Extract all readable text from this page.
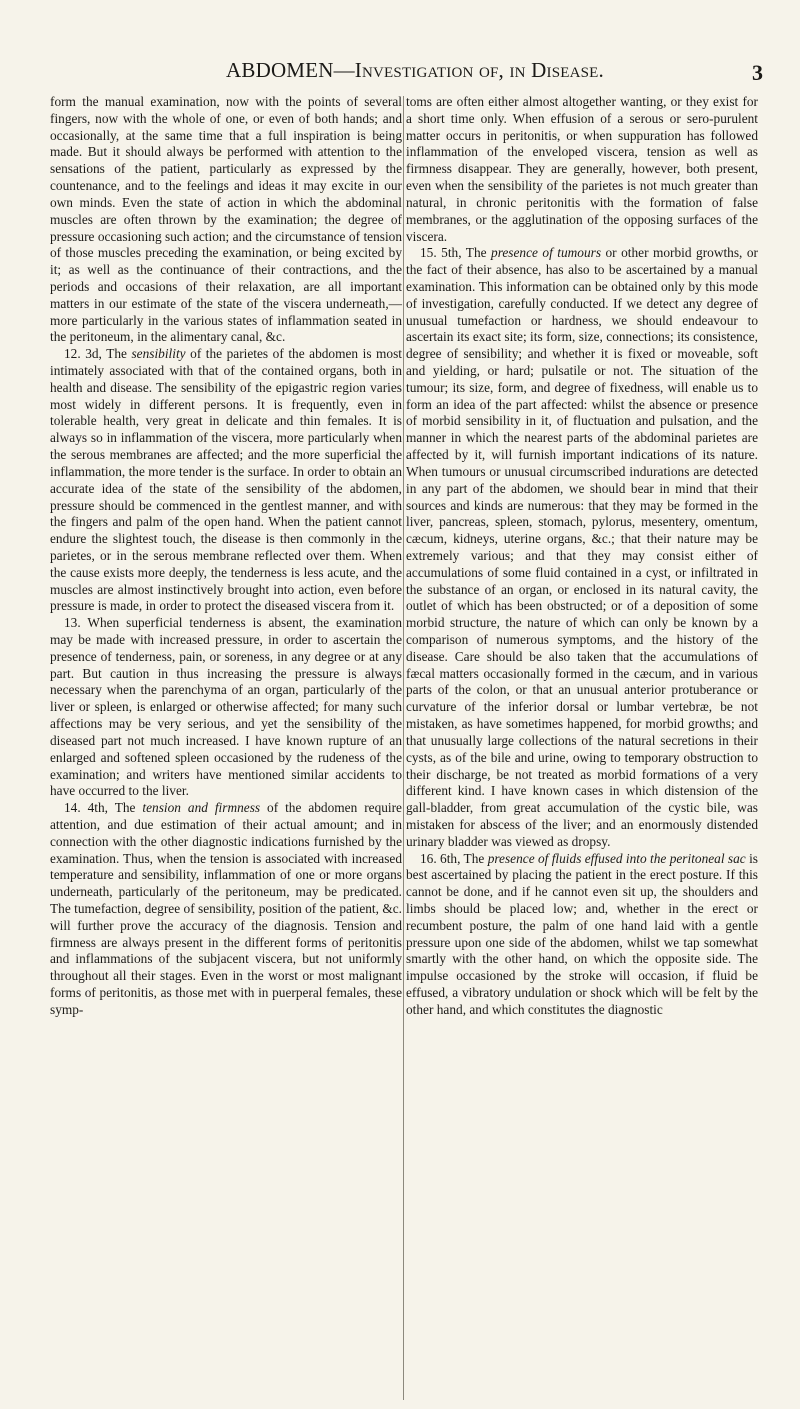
ABDOMEN—Investigation of, in Disease.	3

form the manual examination, now with the points of several fingers, now with the whole of one, or even of both hands; and occasionally, at the same time that a full inspiration is being made. But it should always be performed with attention to the sensations of the patient, particularly as expressed by the countenance, and to the feelings and ideas it may excite in our own minds. Even the state of action in which the abdominal muscles are often thrown by the examination; the degree of pressure occasioning such action; and the circumstance of tension of those muscles preceding the examination, or being excited by it; as well as the continuance of their contractions, and the periods and occasions of their relaxation, are all important matters in our estimate of the state of the viscera underneath,—more particularly in the various states of inflammation seated in the peritoneum, in the alimentary canal, &c.

12. 3d, The sensibility of the parietes of the abdomen is most intimately associated with that of the contained organs, both in health and disease. The sensibility of the epigastric region varies most widely in different persons. It is frequently, even in tolerable health, very great in delicate and thin females. It is always so in inflammation of the viscera, more particularly when the serous membranes are affected; and the more superficial the inflammation, the more tender is the surface. In order to obtain an accurate idea of the state of the sensibility of the abdomen, pressure should be commenced in the gentlest manner, and with the fingers and palm of the open hand. When the patient cannot endure the slightest touch, the disease is then commonly in the parietes, or in the serous membrane reflected over them. When the cause exists more deeply, the tenderness is less acute, and the muscles are almost instinctively brought into action, even before pressure is made, in order to protect the diseased viscera from it.

13. When superficial tenderness is absent, the examination may be made with increased pressure, in order to ascertain the presence of tenderness, pain, or soreness, in any degree or at any part. But caution in thus increasing the pressure is always necessary when the parenchyma of an organ, particularly of the liver or spleen, is enlarged or otherwise affected; for many such affections may be very serious, and yet the sensibility of the diseased part not much increased. I have known rupture of an enlarged and softened spleen occasioned by the rudeness of the examination; and writers have mentioned similar accidents to have occurred to the liver.

14. 4th, The tension and firmness of the abdomen require attention, and due estimation of their actual amount; and in connection with the other diagnostic indications furnished by the examination. Thus, when the tension is associated with increased temperature and sensibility, inflammation of one or more organs underneath, particularly of the peritoneum, may be predicated. The tumefaction, degree of sensibility, position of the patient, &c. will further prove the accuracy of the diagnosis. Tension and firmness are always present in the different forms of peritonitis and inflammations of the subjacent viscera, but not uniformly throughout all their stages. Even in the worst or most malignant forms of peritonitis, as those met with in puerperal females, these symp-

toms are often either almost altogether wanting, or they exist for a short time only. When effusion of a serous or sero-purulent matter occurs in peritonitis, or when suppuration has followed inflammation of the enveloped viscera, tension as well as firmness disappear. They are generally, however, both present, even when the sensibility of the parietes is not much greater than natural, in chronic peritonitis with the formation of false membranes, or the agglutination of the opposing surfaces of the viscera.

15. 5th, The presence of tumours or other morbid growths, or the fact of their absence, has also to be ascertained by a manual examination. This information can be obtained only by this mode of investigation, carefully conducted. If we detect any degree of unusual tumefaction or hardness, we should endeavour to ascertain its exact site; its form, size, connections; its consistence, degree of sensibility; and whether it is fixed or moveable, soft and yielding, or hard; pulsatile or not. The situation of the tumour; its size, form, and degree of fixedness, will enable us to form an idea of the part affected: whilst the absence or presence of morbid sensibility in it, of fluctuation and pulsation, and the manner in which the nearest parts of the abdominal parietes are affected by it, will furnish important indications of its nature. When tumours or unusual circumscribed indurations are detected in any part of the abdomen, we should bear in mind that their sources and kinds are numerous: that they may be formed in the liver, pancreas, spleen, stomach, pylorus, mesentery, omentum, cæcum, kidneys, uterine organs, &c.; that their nature may be extremely various; and that they may consist either of accumulations of some fluid contained in a cyst, or infiltrated in the substance of an organ, or enclosed in its natural cavity, the outlet of which has been obstructed; or of a deposition of some morbid structure, the nature of which can only be known by a comparison of numerous symptoms, and the history of the disease. Care should be also taken that the accumulations of fæcal matters occasionally formed in the cæcum, and in various parts of the colon, or that an unusual anterior protuberance or curvature of the inferior dorsal or lumbar vertebræ, be not mistaken, as have sometimes happened, for morbid growths; and that unusually large collections of the natural secretions in their cysts, as of the bile and urine, owing to temporary obstruction to their discharge, be not treated as morbid formations of a very different kind. I have known cases in which distension of the gall-bladder, from great accumulation of the cystic bile, was mistaken for abscess of the liver; and an enormously distended urinary bladder was viewed as dropsy.

16. 6th, The presence of fluids effused into the peritoneal sac is best ascertained by placing the patient in the erect posture. If this cannot be done, and if he cannot even sit up, the shoulders and limbs should be placed low; and, whether in the erect or recumbent posture, the palm of one hand laid with a gentle pressure upon one side of the abdomen, whilst we tap somewhat smartly with the other hand, on which the opposite side. The impulse occasioned by the stroke will occasion, if fluid be effused, a vibratory undulation or shock which will be felt by the other hand, and which constitutes the diagnostic
